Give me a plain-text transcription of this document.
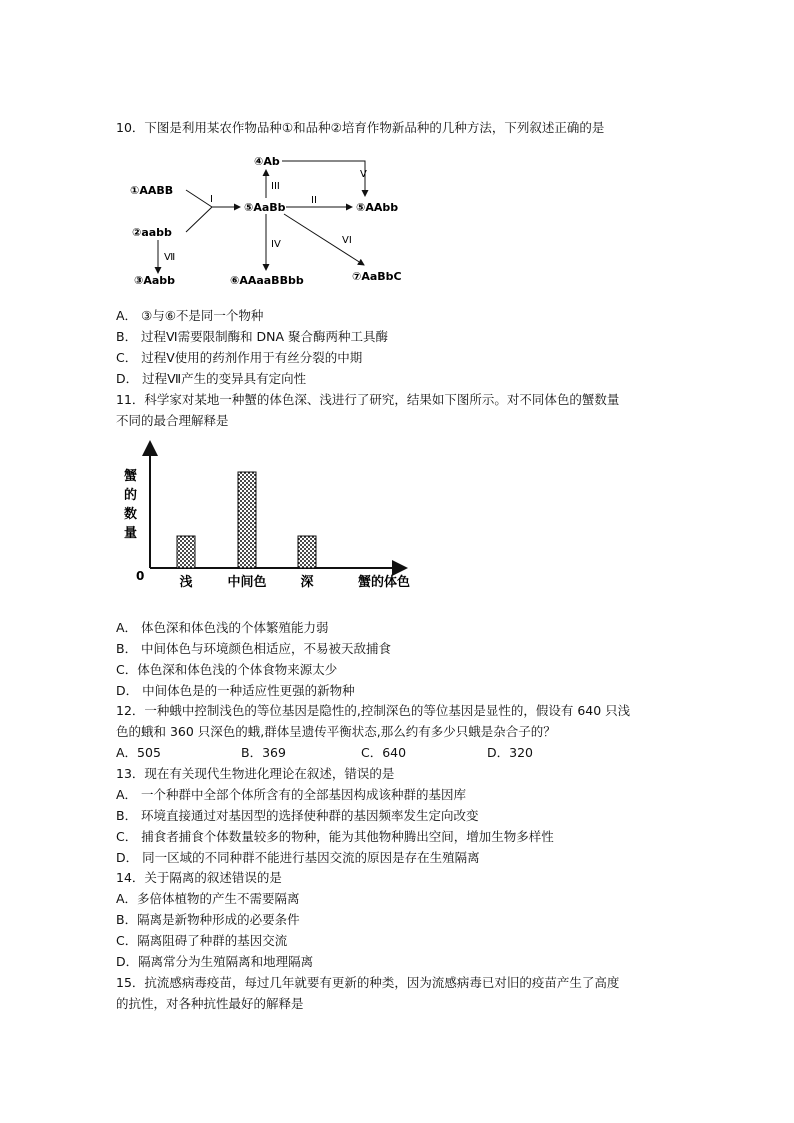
10．下图是利用某农作物品种①和品种②培育作物新品种的几种方法，下列叙述正确的是
④Ab
①AABB
⑤AaBb	⑤AAbb
②aabb
③Aabb	⑥AAaaBBbb	⑦AaBbC
I
III
V
II
IV	VI
Ⅶ
A． ③与⑥不是同一个物种
B． 过程Ⅵ需要限制酶和 DNA 聚合酶两种工具酶
C． 过程Ⅴ使用的药剂作用于有丝分裂的中期
D． 过程Ⅶ产生的变异具有定向性
11．科学家对某地一种蟹的体色深、浅进行了研究，结果如下图所示。对不同体色的蟹数量
不同的最合理解释是
0
蟹的数量
浅	中间色	深	蟹的体色
A． 体色深和体色浅的个体繁殖能力弱
B． 中间体色与环境颜色相适应，不易被天敌捕食
C．体色深和体色浅的个体食物来源太少
D． 中间体色是的一种适应性更强的新物种
12．一种蛾中控制浅色的等位基因是隐性的,控制深色的等位基因是显性的，假设有 640 只浅
色的蛾和 360 只深色的蛾,群体呈遗传平衡状态,那么约有多少只蛾是杂合子的？
A．505	B．369	C．640	D．320
13．现在有关现代生物进化理论在叙述，错误的是
A． 一个种群中全部个体所含有的全部基因构成该种群的基因库
B． 环境直接通过对基因型的选择使种群的基因频率发生定向改变
C． 捕食者捕食个体数量较多的物种，能为其他物种腾出空间，增加生物多样性
D． 同一区域的不同种群不能进行基因交流的原因是存在生殖隔离
14．关于隔离的叙述错误的是
A．多倍体植物的产生不需要隔离
B．隔离是新物种形成的必要条件
C．隔离阻碍了种群的基因交流
D．隔离常分为生殖隔离和地理隔离
15．抗流感病毒疫苗，每过几年就要有更新的种类，因为流感病毒已对旧的疫苗产生了高度
的抗性，对各种抗性最好的解释是
